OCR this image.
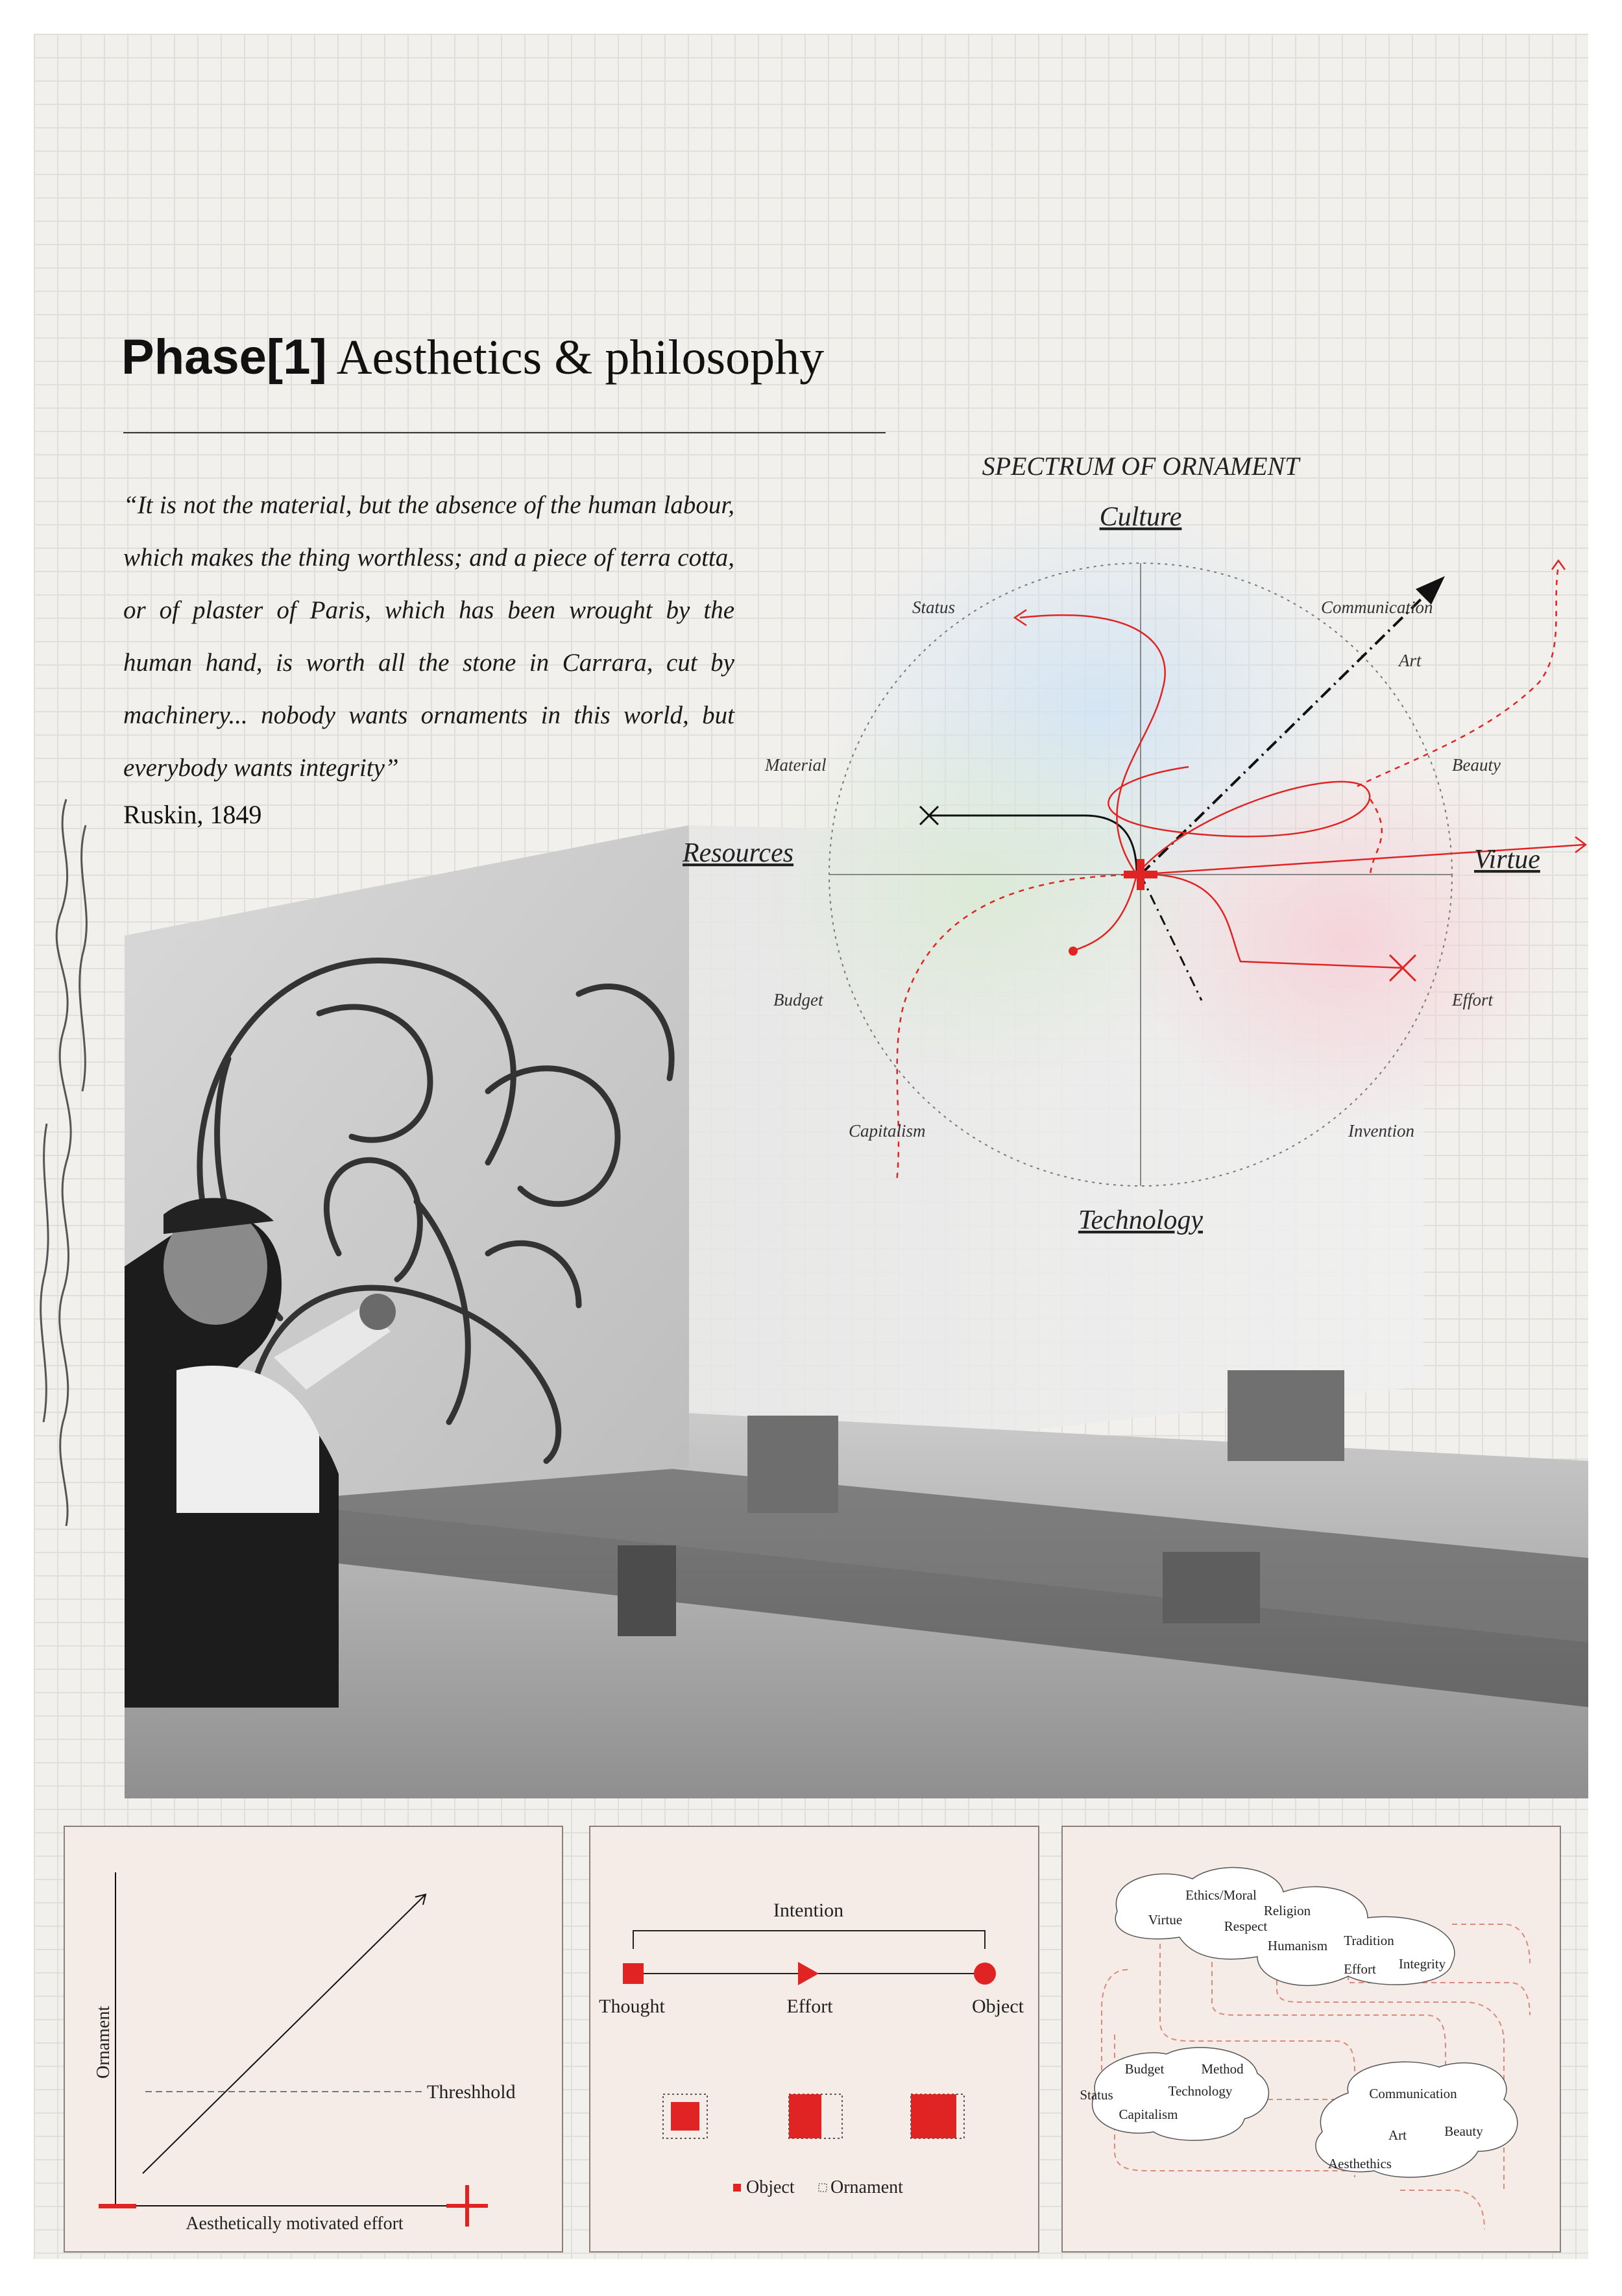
Phase[1] Aesthetics & philosophy
“It is not the material, but the absence of the human labour, which makes the thing worthless; and a piece of terra cotta, or of plaster of Paris, which has been wrought by the human hand, is worth all the stone in Carrara, cut by machinery... nobody wants ornaments in this world, but everybody wants integrity”
Ruskin, 1849
SPECTRUM OF ORNAMENT
Culture
Technology
Resources	Virtue
Status	Communication
Art
Material	Beauty
Budget	Effort
Capitalism	Invention
Threshhold
Ornament
Aesthetically motivated effort
Intention
Thought	Effort	Object
Object Ornament
Ethics/Moral
Virtue
Religion
Respect
Humanism Tradition
Effort Integrity
Budget	Method
Status	Technology
Capitalism
Communication
Art	Beauty
Aesthethics
